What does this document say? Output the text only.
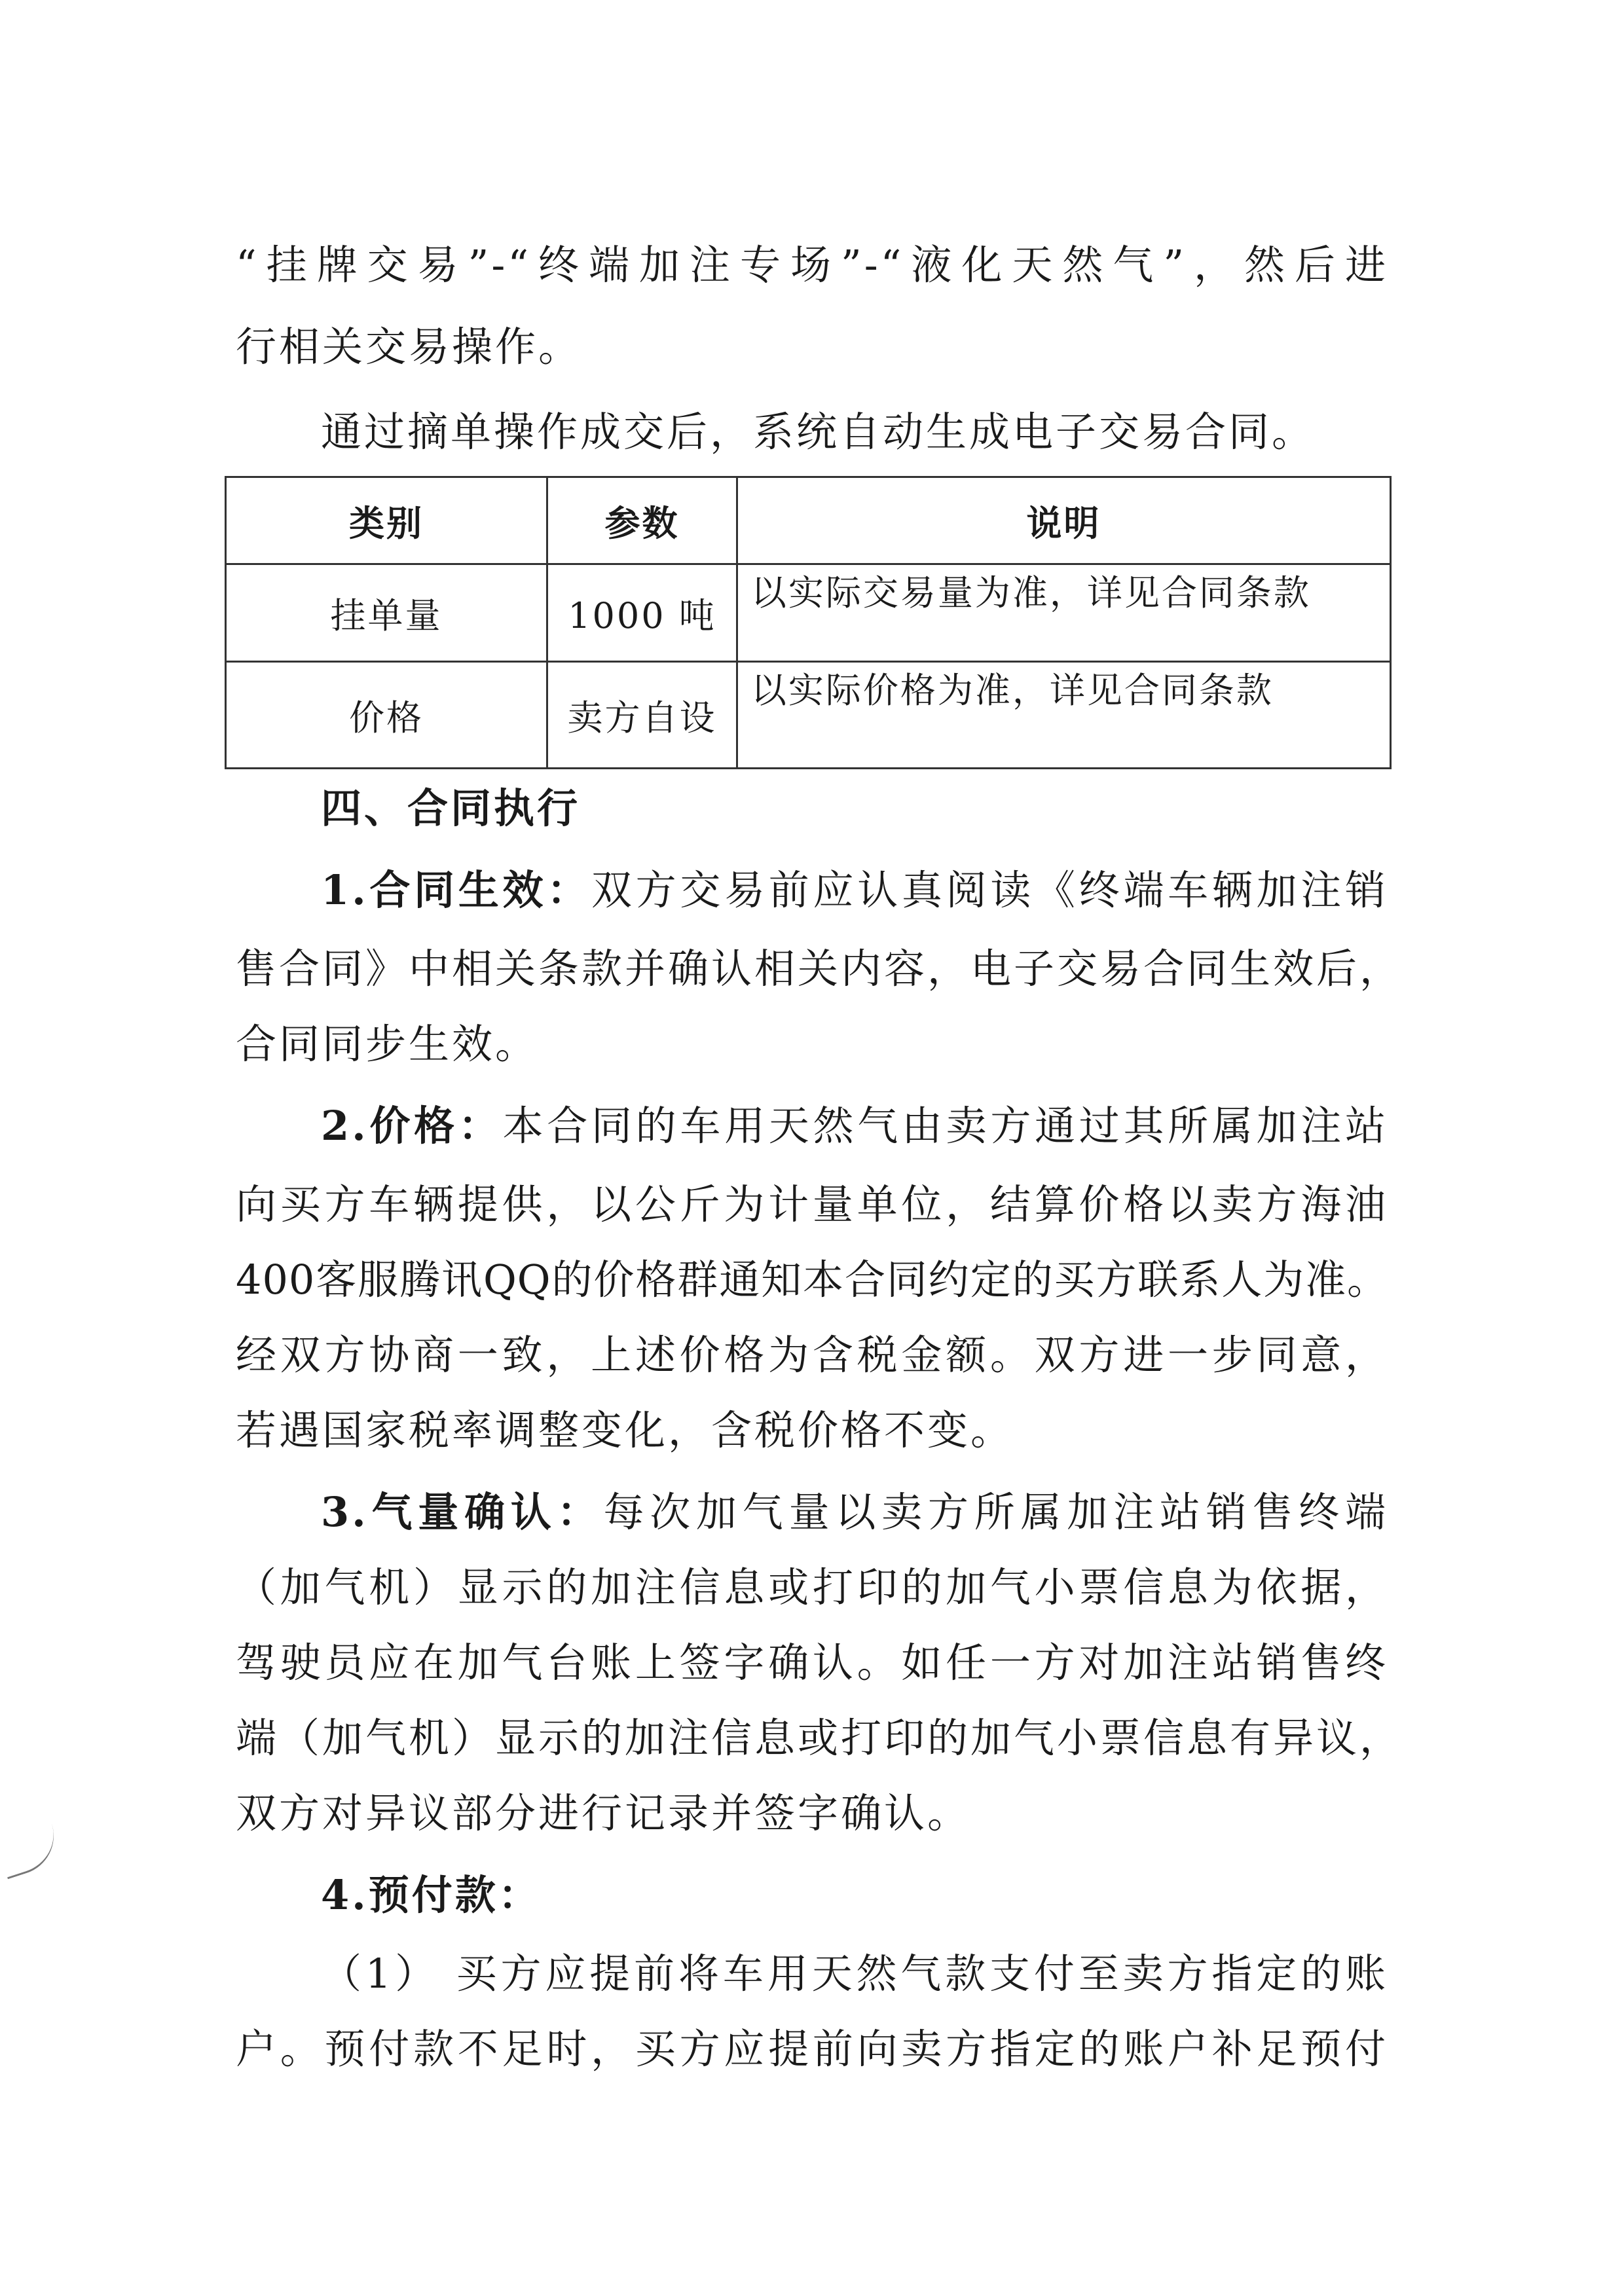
“挂牌交易”-“终端加注专场”-“液化天然气”，然后进
行相关交易操作。
通过摘单操作成交后，系统自动生成电子交易合同。
类别	参数	说明
挂单量	1000 吨	以实际交易量为准，详见合同条款
价格	卖方自设	以实际价格为准，详见合同条款
四、合同执行
1.合同生效：双方交易前应认真阅读《终端车辆加注销
售合同》中相关条款并确认相关内容，电子交易合同生效后，
合同同步生效。
2.价格：本合同的车用天然气由卖方通过其所属加注站
向买方车辆提供，以公斤为计量单位，结算价格以卖方海油
400客服腾讯QQ的价格群通知本合同约定的买方联系人为准。
经双方协商一致，上述价格为含税金额。双方进一步同意，
若遇国家税率调整变化，含税价格不变。
3.气量确认：每次加气量以卖方所属加注站销售终端
（加气机）显示的加注信息或打印的加气小票信息为依据，
驾驶员应在加气台账上签字确认。如任一方对加注站销售终
端（加气机）显示的加注信息或打印的加气小票信息有异议，
双方对异议部分进行记录并签字确认。
4.预付款：
（1） 买方应提前将车用天然气款支付至卖方指定的账
户。预付款不足时，买方应提前向卖方指定的账户补足预付
